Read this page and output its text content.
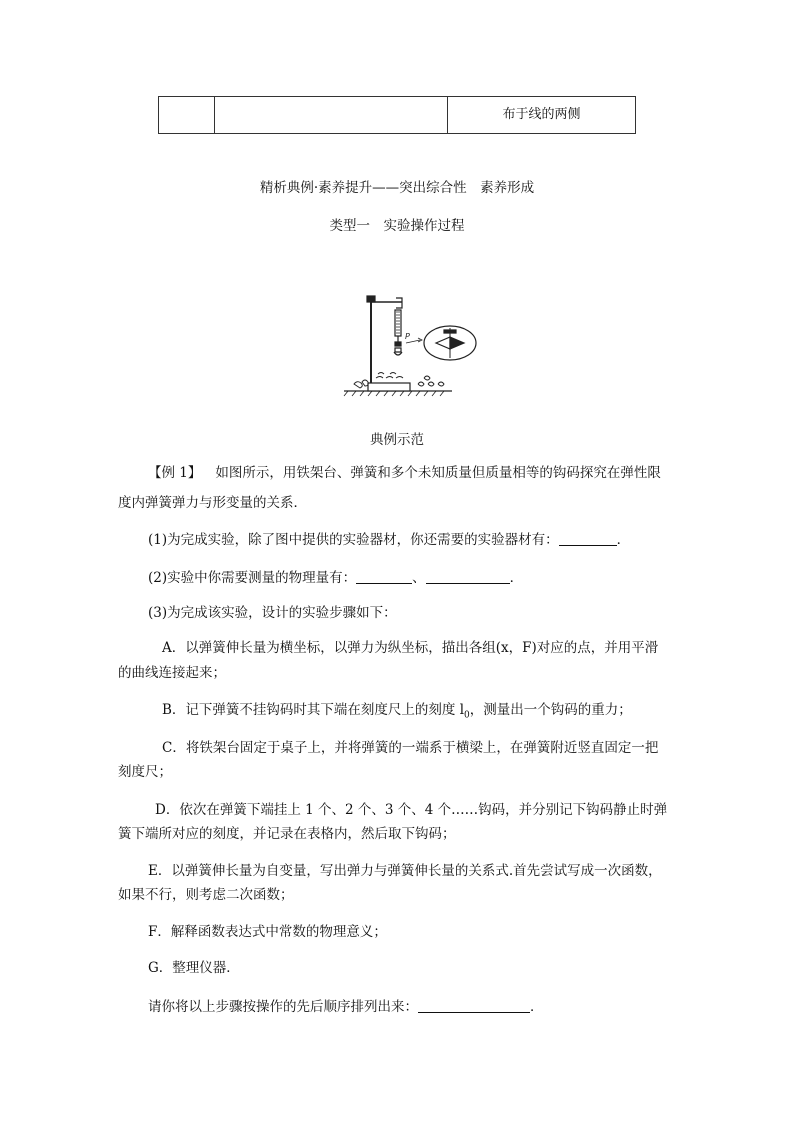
		布于线的两侧
精析典例·素养提升——突出综合性　素养形成
类型一　实验操作过程
P
典例示范
【例 1】 如图所示，用铁架台、弹簧和多个未知质量但质量相等的钩码探究在弹性限
度内弹簧弹力与形变量的关系．
(1)为完成实验，除了图中提供的实验器材，你还需要的实验器材有：	．
(2)实验中你需要测量的物理量有：	、	．
(3)为完成该实验，设计的实验步骤如下：
A．以弹簧伸长量为横坐标，以弹力为纵坐标，描出各组(x，F)对应的点，并用平滑
的曲线连接起来；
B．记下弹簧不挂钩码时其下端在刻度尺上的刻度 $l_0$，测量出一个钩码的重力；
C．将铁架台固定于桌子上，并将弹簧的一端系于横梁上，在弹簧附近竖直固定一把
刻度尺；
D．依次在弹簧下端挂上 1 个、2 个、3 个、4 个……钩码，并分别记下钩码静止时弹
簧下端所对应的刻度，并记录在表格内，然后取下钩码；
E．以弹簧伸长量为自变量，写出弹力与弹簧伸长量的关系式.首先尝试写成一次函数，
如果不行，则考虑二次函数；
F．解释函数表达式中常数的物理意义；
G．整理仪器．
请你将以上步骤按操作的先后顺序排列出来：	．
